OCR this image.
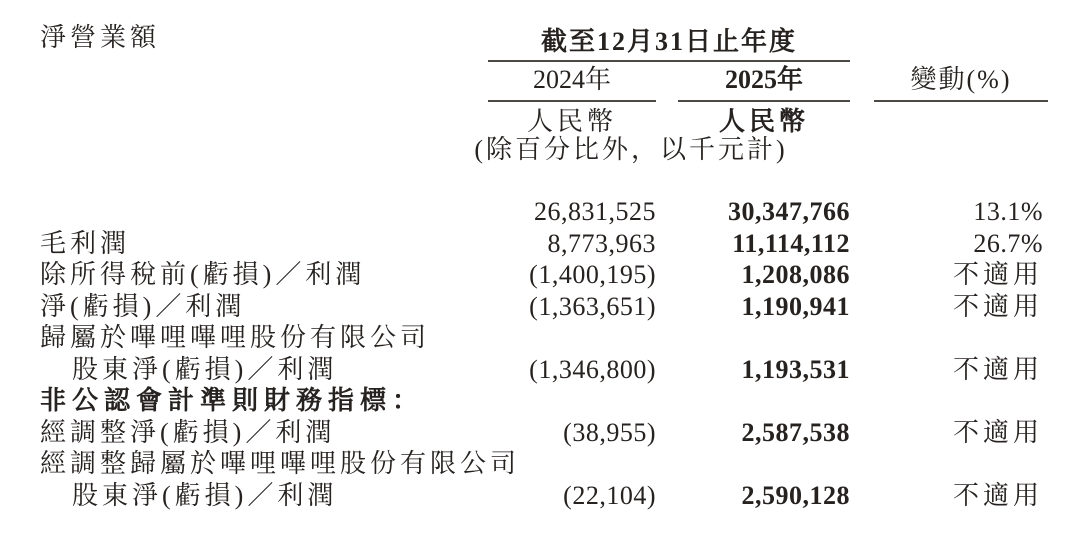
截至12月31日止年度
2024年	2025年	變動(%)
人民幣	人民幣
(除百分比外，以千元計)
淨營業額
26,831,525	30,347,766	13.1%
毛利潤	8,773,963	11,114,112	26.7%
除所得稅前(虧損)／利潤	(1,400,195)	1,208,086	不適用
淨(虧損)／利潤	(1,363,651)	1,190,941	不適用
歸屬於嗶哩嗶哩股份有限公司
股東淨(虧損)／利潤	(1,346,800)	1,193,531	不適用
非公認會計準則財務指標：
經調整淨(虧損)／利潤	(38,955)	2,587,538	不適用
經調整歸屬於嗶哩嗶哩股份有限公司
股東淨(虧損)／利潤	(22,104)	2,590,128	不適用
